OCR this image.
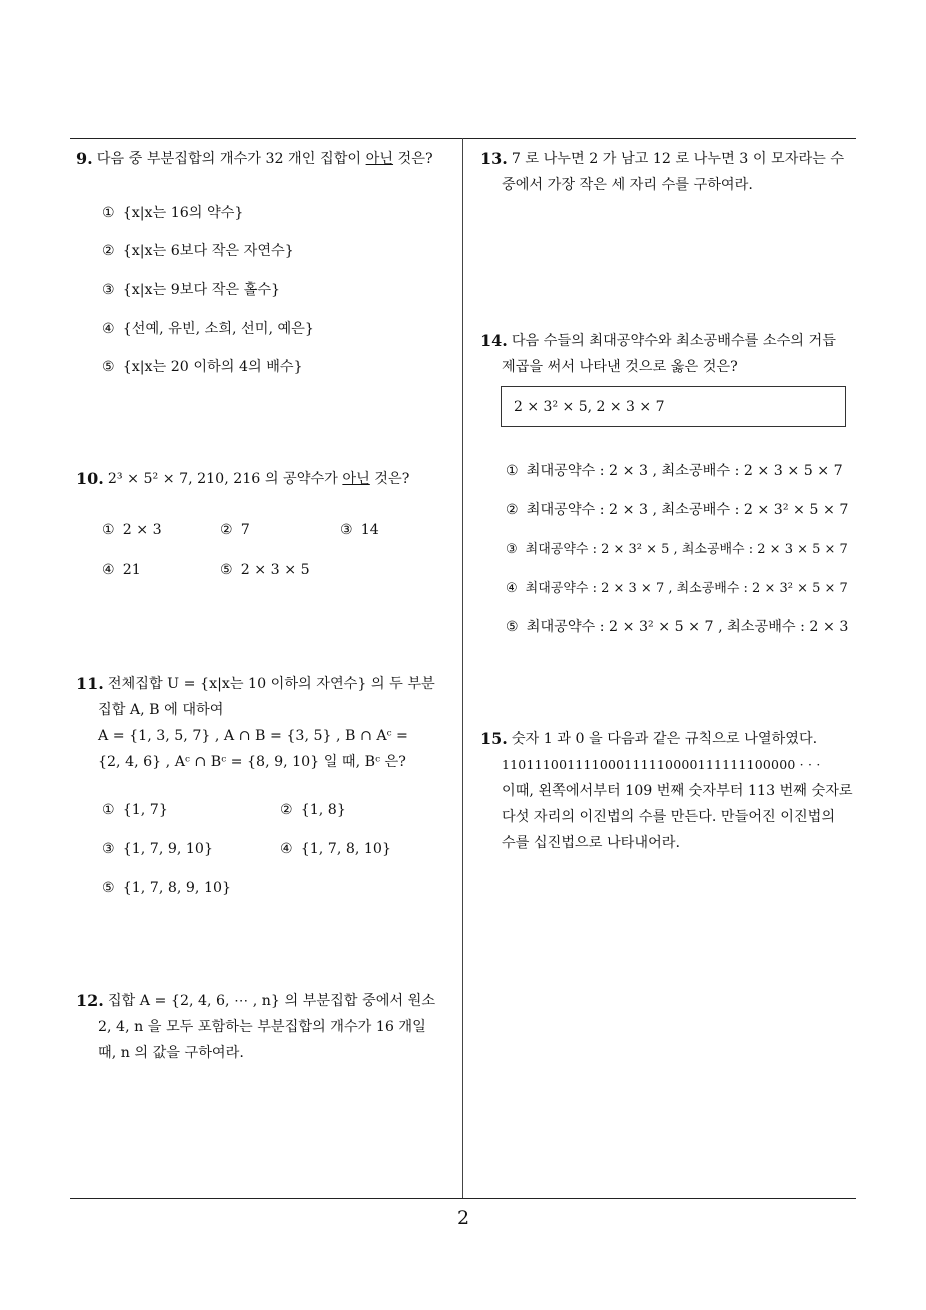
2
9. 다음 중 부분집합의 개수가 32 개인 집합이 아닌 것은?
① {x|x는 16의 약수}
② {x|x는 6보다 작은 자연수}
③ {x|x는 9보다 작은 홀수}
④ {선예, 유빈, 소희, 선미, 예은}
⑤ {x|x는 20 이하의 4의 배수}
10. 2³ × 5² × 7, 210, 216 의 공약수가 아닌 것은?
① 2 × 3	② 7	③ 14
④ 21	⑤ 2 × 3 × 5
11. 전체집합 U = {x|x는 10 이하의 자연수} 의 두 부분
집합 A, B 에 대하여
A = {1, 3, 5, 7} , A ∩ B = {3, 5} , B ∩ Aᶜ =
{2, 4, 6} , Aᶜ ∩ Bᶜ = {8, 9, 10} 일 때, Bᶜ 은?
① {1, 7}	② {1, 8}
③ {1, 7, 9, 10}	④ {1, 7, 8, 10}
⑤ {1, 7, 8, 9, 10}
12. 집합 A = {2, 4, 6, ⋯ , n} 의 부분집합 중에서 원소
2, 4, n 을 모두 포함하는 부분집합의 개수가 16 개일
때, n 의 값을 구하여라.
13. 7 로 나누면 2 가 남고 12 로 나누면 3 이 모자라는 수
중에서 가장 작은 세 자리 수를 구하여라.
14. 다음 수들의 최대공약수와 최소공배수를 소수의 거듭
제곱을 써서 나타낸 것으로 옳은 것은?
2 × 3² × 5, 2 × 3 × 7
① 최대공약수 : 2 × 3 , 최소공배수 : 2 × 3 × 5 × 7
② 최대공약수 : 2 × 3 , 최소공배수 : 2 × 3² × 5 × 7
③ 최대공약수 : 2 × 3² × 5 , 최소공배수 : 2 × 3 × 5 × 7
④ 최대공약수 : 2 × 3 × 7 , 최소공배수 : 2 × 3² × 5 × 7
⑤ 최대공약수 : 2 × 3² × 5 × 7 , 최소공배수 : 2 × 3
15. 숫자 1 과 0 을 다음과 같은 규칙으로 나열하였다.
110111001111000111110000111111100000 · · ·
이때, 왼쪽에서부터 109 번째 숫자부터 113 번째 숫자로
다섯 자리의 이진법의 수를 만든다. 만들어진 이진법의
수를 십진법으로 나타내어라.
